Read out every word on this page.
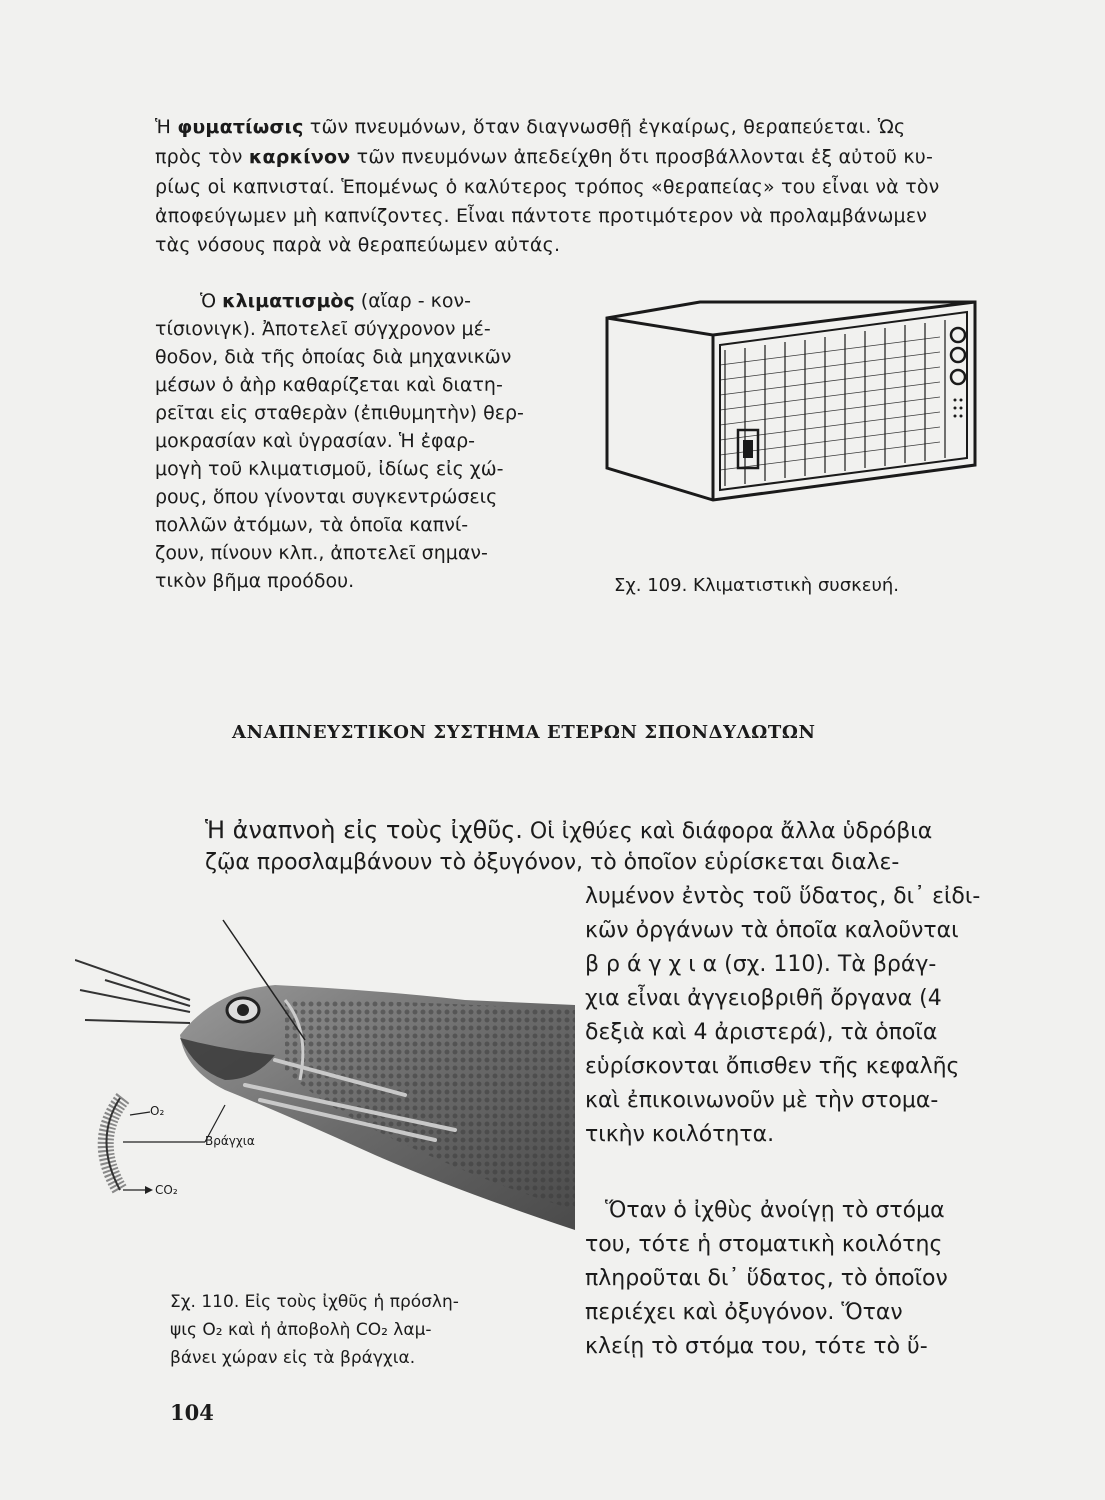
Ἡ φυματίωσις τῶν πνευμόνων, ὅταν διαγνωσθῇ ἐγκαίρως, θεραπεύεται. Ὡς
πρὸς τὸν καρκίνον τῶν πνευμόνων ἀπεδείχθη ὅτι προσβάλλονται ἐξ αὐτοῦ κυ-
ρίως οἱ καπνισταί. Ἑπομένως ὁ καλύτερος τρόπος «θεραπείας» του εἶναι νὰ τὸν
ἀποφεύγωμεν μὴ καπνίζοντες. Εἶναι πάντοτε προτιμότερον νὰ προλαμβάνωμεν
τὰς νόσους παρὰ νὰ θεραπεύωμεν αὐτάς.
Ὁ κλιματισμὸς (αἴαρ - κον-
τίσιονιγκ). Ἀποτελεῖ σύγχρονον μέ-
θοδον, διὰ τῆς ὁποίας διὰ μηχανικῶν
μέσων ὁ ἀὴρ καθαρίζεται καὶ διατη-
ρεῖται εἰς σταθερὰν (ἐπιθυμητὴν) θερ-
μοκρασίαν καὶ ὑγρασίαν. Ἡ ἐφαρ-
μογὴ τοῦ κλιματισμοῦ, ἰδίως εἰς χώ-
ρους, ὅπου γίνονται συγκεντρώσεις
πολλῶν ἀτόμων, τὰ ὁποῖα καπνί-
ζουν, πίνουν κλπ., ἀποτελεῖ σημαν-
τικὸν βῆμα προόδου.	Σχ. 109. Κλιματιστικὴ συσκευή.
ΑΝΑΠΝΕΥΣΤΙΚΟΝ ΣΥΣΤΗΜΑ ΕΤΕΡΩΝ ΣΠΟΝΔΥΛΩΤΩΝ
Ἡ ἀναπνοὴ εἰς τοὺς ἰχθῦς. Οἱ ἰχθύες καὶ διάφορα ἄλλα ὑδρόβια
ζῷα προσλαμβάνουν τὸ ὀξυγόνον, τὸ ὁποῖον εὑρίσκεται διαλε-
λυμένον ἐντὸς τοῦ ὕδατος, δι᾽ εἰδι-
κῶν ὀργάνων τὰ ὁποῖα καλοῦνται
β ρ ά γ χ ι α (σχ. 110). Τὰ βράγ-
χια εἶναι ἀγγειοβριθῆ ὄργανα (4
δεξιὰ καὶ 4 ἀριστερά), τὰ ὁποῖα
εὑρίσκονται ὄπισθεν τῆς κεφαλῆς
καὶ ἐπικοινωνοῦν μὲ τὴν στομα-
τικὴν κοιλότητα.
Ὅταν ὁ ἰχθὺς ἀνοίγῃ τὸ στόμα
του, τότε ἡ στοματικὴ κοιλότης
πληροῦται δι᾽ ὕδατος, τὸ ὁποῖον
περιέχει καὶ ὀξυγόνον. Ὅταν
κλείῃ τὸ στόμα του, τότε τὸ ὕ-
O₂
Βράγχια
CO₂
Σχ. 110. Εἰς τοὺς ἰχθῦς ἡ πρόσλη-
ψις O₂ καὶ ἡ ἀποβολὴ CO₂ λαμ-
βάνει χώραν εἰς τὰ βράγχια.
104
